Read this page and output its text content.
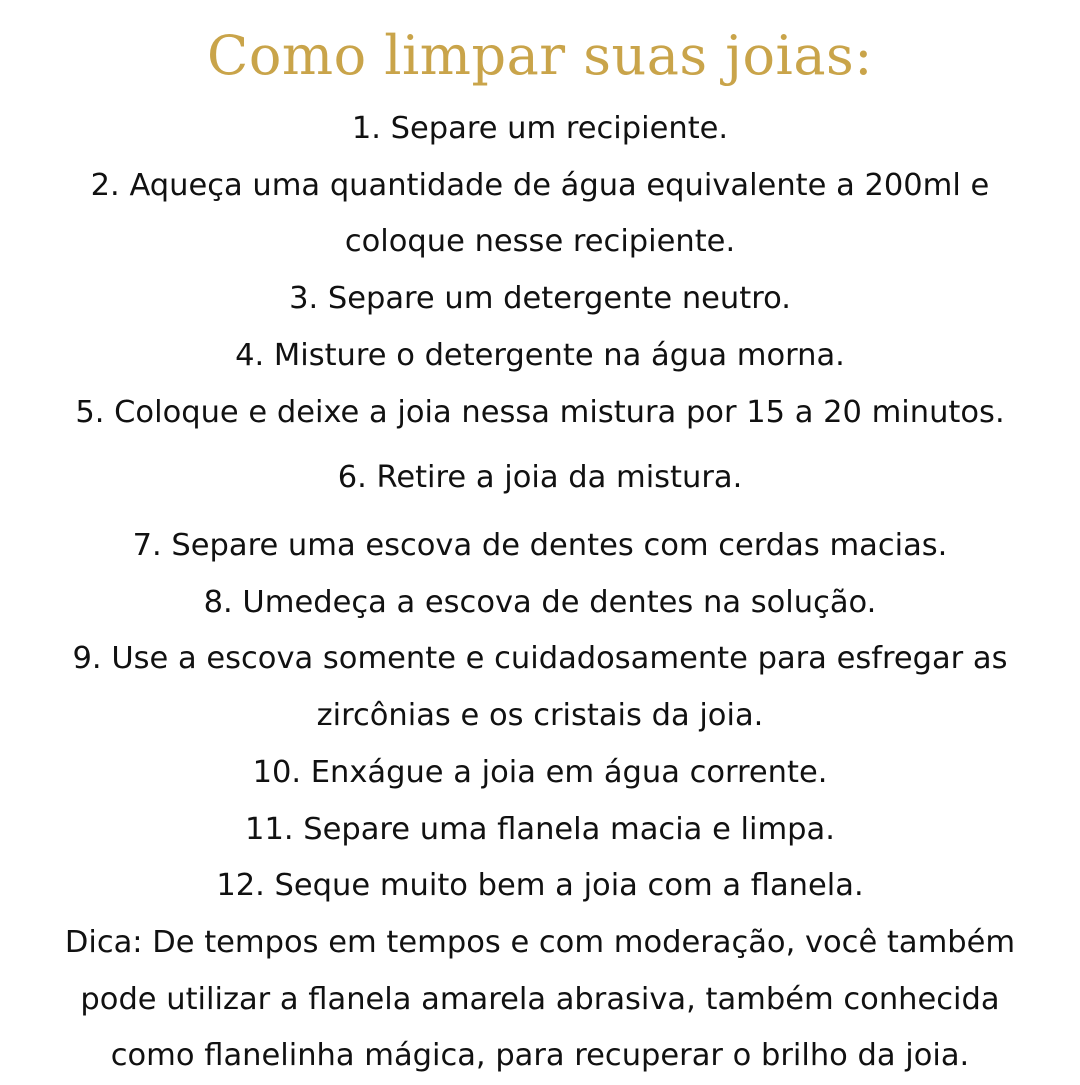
Como limpar suas joias:
1. Separe um recipiente.
2. Aqueça uma quantidade de água equivalente a 200ml e
coloque nesse recipiente.
3. Separe um detergente neutro.
4. Misture o detergente na água morna.
5. Coloque e deixe a joia nessa mistura por 15 a 20 minutos.
6. Retire a joia da mistura.
7. Separe uma escova de dentes com cerdas macias.
8. Umedeça a escova de dentes na solução.
9. Use a escova somente e cuidadosamente para esfregar as
zircônias e os cristais da joia.
10. Enxágue a joia em água corrente.
11. Separe uma flanela macia e limpa.
12. Seque muito bem a joia com a flanela.
Dica: De tempos em tempos e com moderação, você também
pode utilizar a flanela amarela abrasiva, também conhecida
como flanelinha mágica, para recuperar o brilho da joia.
